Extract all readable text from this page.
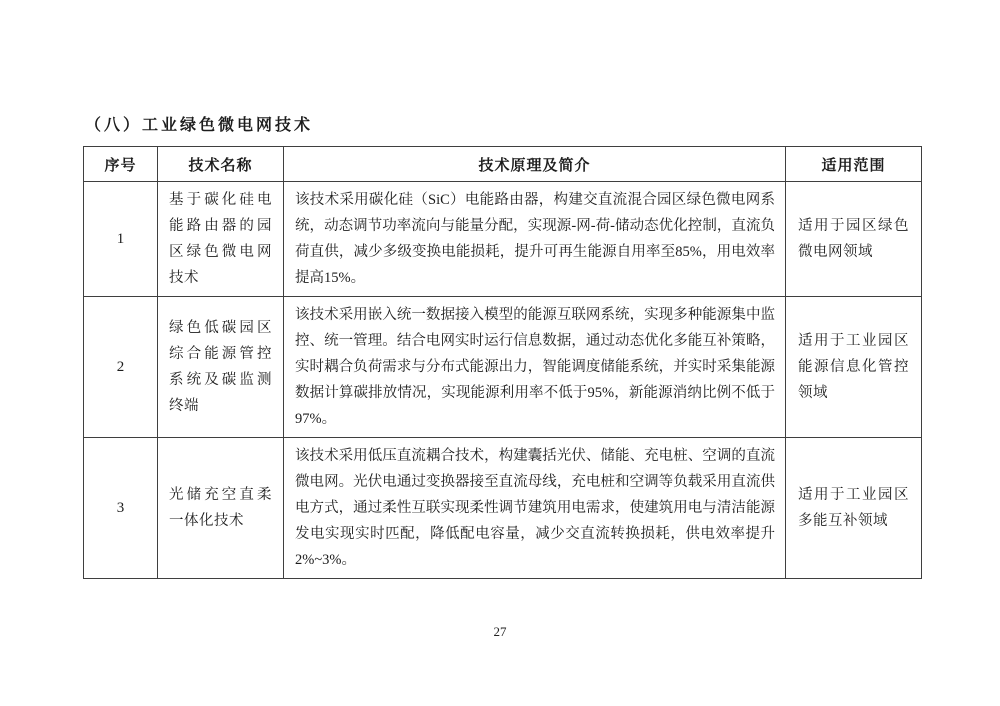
（八）工业绿色微电网技术
序号	技术名称	技术原理及简介	适用范围
1	基于碳化硅电能路由器的园区绿色微电网技术	该技术采用碳化硅（SiC）电能路由器，构建交直流混合园区绿色微电网系统，动态调节功率流向与能量分配，实现源-网-荷-储动态优化控制，直流负荷直供，减少多级变换电能损耗，提升可再生能源自用率至85%，用电效率提高15%。	适用于园区绿色微电网领域
2	绿色低碳园区综合能源管控系统及碳监测终端	该技术采用嵌入统一数据接入模型的能源互联网系统，实现多种能源集中监控、统一管理。结合电网实时运行信息数据，通过动态优化多能互补策略，实时耦合负荷需求与分布式能源出力，智能调度储能系统，并实时采集能源数据计算碳排放情况，实现能源利用率不低于95%，新能源消纳比例不低于97%。	适用于工业园区能源信息化管控领域
3	光储充空直柔一体化技术	该技术采用低压直流耦合技术，构建囊括光伏、储能、充电桩、空调的直流微电网。光伏电通过变换器接至直流母线，充电桩和空调等负载采用直流供电方式，通过柔性互联实现柔性调节建筑用电需求，使建筑用电与清洁能源发电实现实时匹配，降低配电容量，减少交直流转换损耗，供电效率提升2%~3%。	适用于工业园区多能互补领域
27
